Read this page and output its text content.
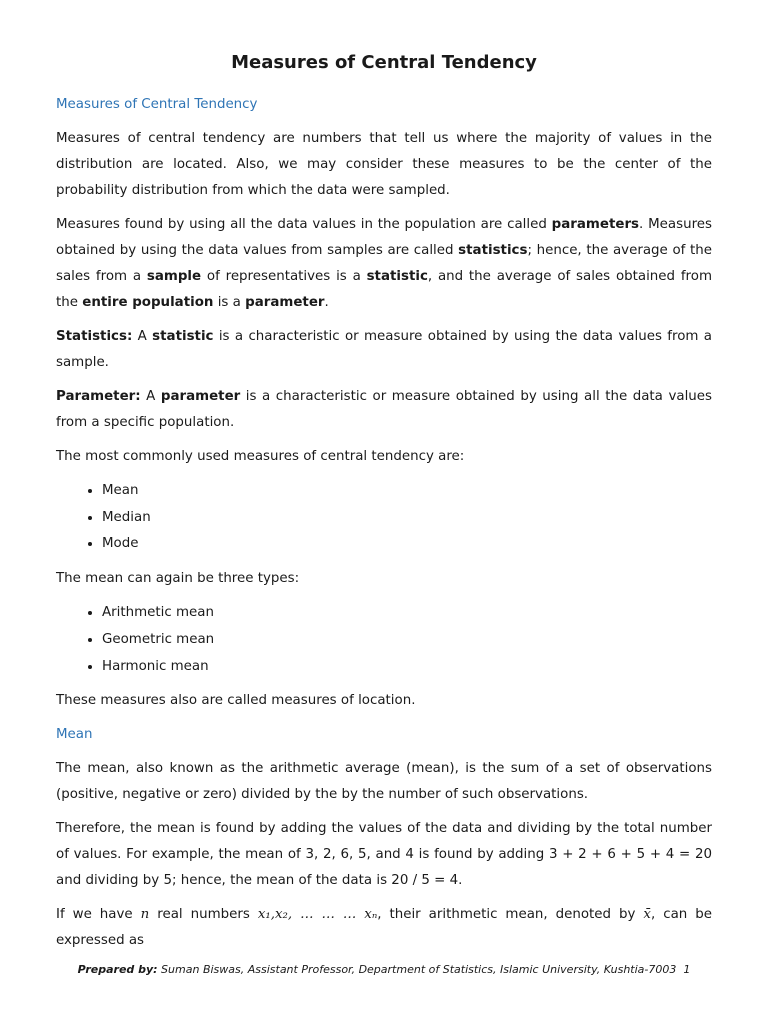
Measures of Central Tendency

Measures of Central Tendency

Measures of central tendency are numbers that tell us where the majority of values in the distribution are located. Also, we may consider these measures to be the center of the probability distribution from which the data were sampled.

Measures found by using all the data values in the population are called parameters. Measures obtained by using the data values from samples are called statistics; hence, the average of the sales from a sample of representatives is a statistic, and the average of sales obtained from the entire population is a parameter.

Statistics: A statistic is a characteristic or measure obtained by using the data values from a sample.

Parameter: A parameter is a characteristic or measure obtained by using all the data values from a specific population.

The most commonly used measures of central tendency are:

• Mean
• Median
• Mode

The mean can again be three types:

• Arithmetic mean
• Geometric mean
• Harmonic mean

These measures also are called measures of location.

Mean

The mean, also known as the arithmetic average (mean), is the sum of a set of observations (positive, negative or zero) divided by the by the number of such observations.

Therefore, the mean is found by adding the values of the data and dividing by the total number of values. For example, the mean of 3, 2, 6, 5, and 4 is found by adding 3 + 2 + 6 + 5 + 4 = 20 and dividing by 5; hence, the mean of the data is 20 / 5 = 4.

If we have n real numbers x₁,x₂, … … … xₙ, their arithmetic mean, denoted by x̄, can be expressed as

Prepared by: Suman Biswas, Assistant Professor, Department of Statistics, Islamic University, Kushtia-7003 1
